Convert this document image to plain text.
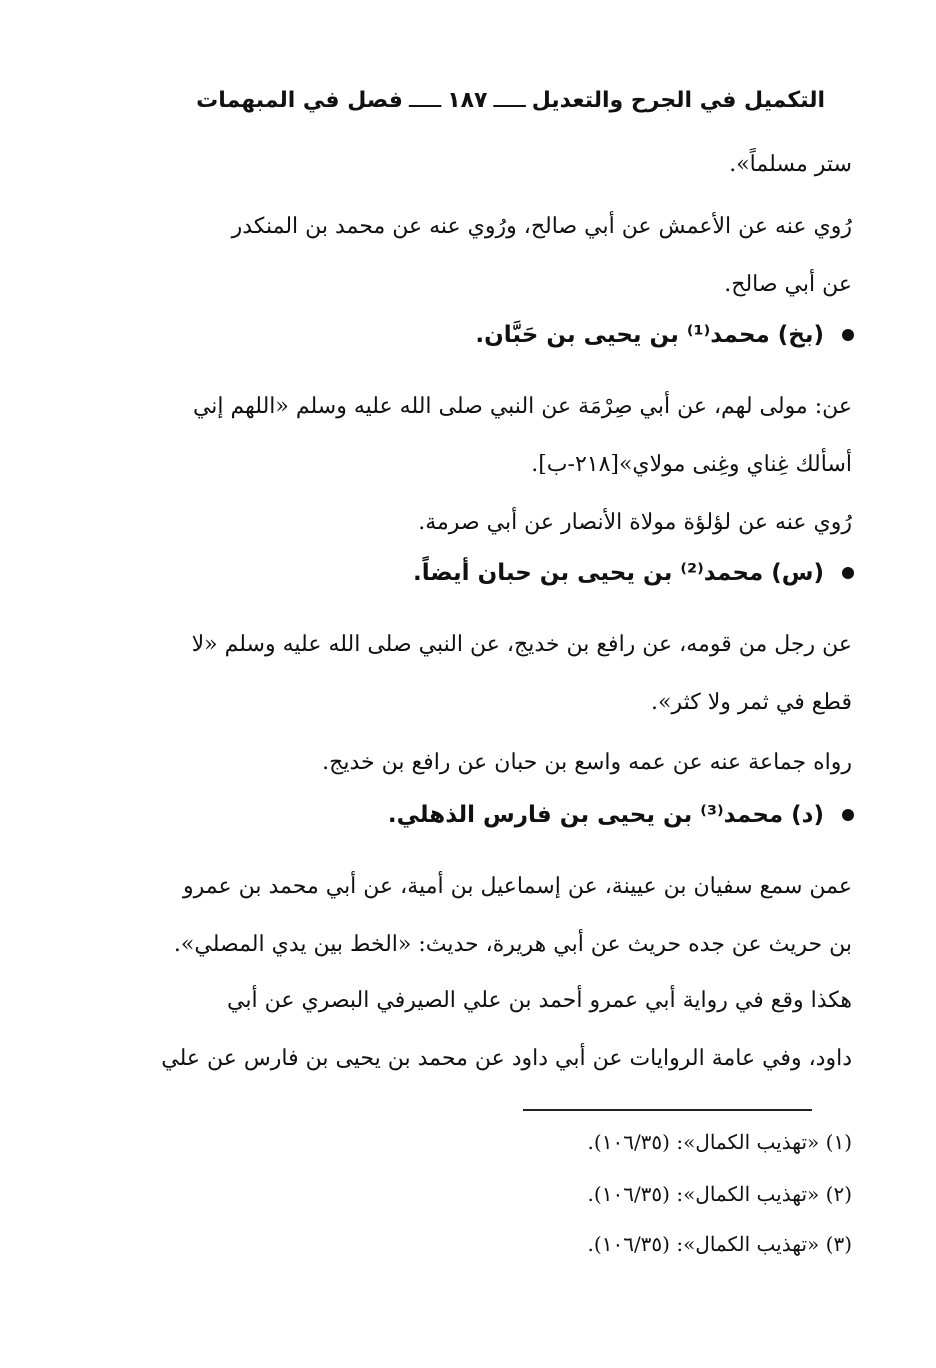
التكميل في الجرح والتعديل
ـــــ
١٨٧
ـــــ
فصل في المبهمات

ستر مسلماً».

رُوي عنه عن الأعمش عن أبي صالح، ورُوي عنه عن محمد بن المنكدر

عن أبي صالح.

(بخ) محمد⁽¹⁾ بن يحيى بن حَبَّان.

عن: مولى لهم، عن أبي صِرْمَة عن النبي صلى الله عليه وسلم «اللهم إني

أسألك غِناي وغِنى مولاي»[٢١٨-ب].

رُوي عنه عن لؤلؤة مولاة الأنصار عن أبي صرمة.

(س) محمد⁽²⁾ بن يحيى بن حبان أيضاً.

عن رجل من قومه، عن رافع بن خديج، عن النبي صلى الله عليه وسلم «لا

قطع في ثمر ولا كثر».

رواه جماعة عنه عن عمه واسع بن حبان عن رافع بن خديج.

(د) محمد⁽³⁾ بن يحيى بن فارس الذهلي.

عمن سمع سفيان بن عيينة، عن إسماعيل بن أمية، عن أبي محمد بن عمرو

بن حريث عن جده حريث عن أبي هريرة، حديث: «الخط بين يدي المصلي».

هكذا وقع في رواية أبي عمرو أحمد بن علي الصيرفي البصري عن أبي

داود، وفي عامة الروايات عن أبي داود عن محمد بن يحيى بن فارس عن علي

(١) «تهذيب الكمال»: (١٠٦/٣٥).
(٢) «تهذيب الكمال»: (١٠٦/٣٥).
(٣) «تهذيب الكمال»: (١٠٦/٣٥).
